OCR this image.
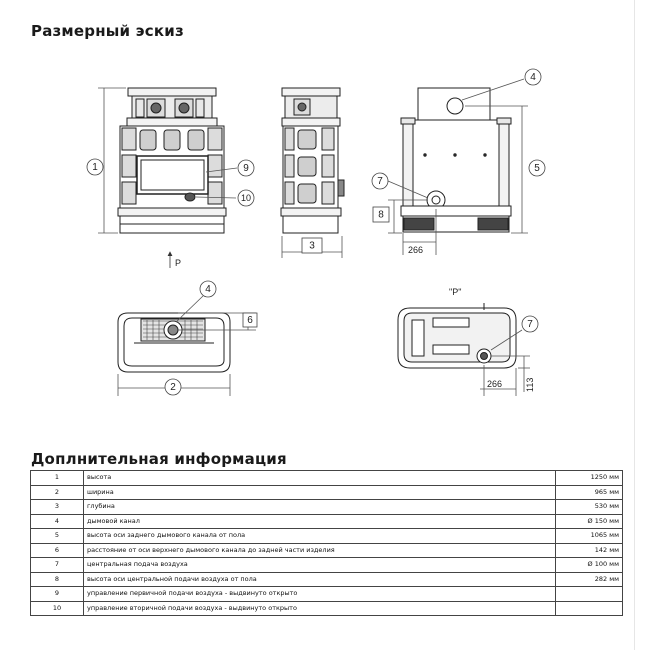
Размерный эскиз
1	9
10
P
3
4
5
7
8
266
4
6
2
"P"
7
113
266
Доплнительная информация
1	высота	1250 мм
2	ширина	965 мм
3	глубина	530 мм
4	дымовой канал	Ø 150 мм
5	высота оси заднего дымового канала от пола	1065 мм
6	расстояние от оси верхнего дымового канала до задней части изделия	142 мм
7	центральная подача воздуха	Ø 100 мм
8	высота оси центральной подачи воздуха от пола	282 мм
9	управление первичной подачи воздуха - выдвинуто открыто	
10	управление вторичной подачи воздуха - выдвинуто открыто	
